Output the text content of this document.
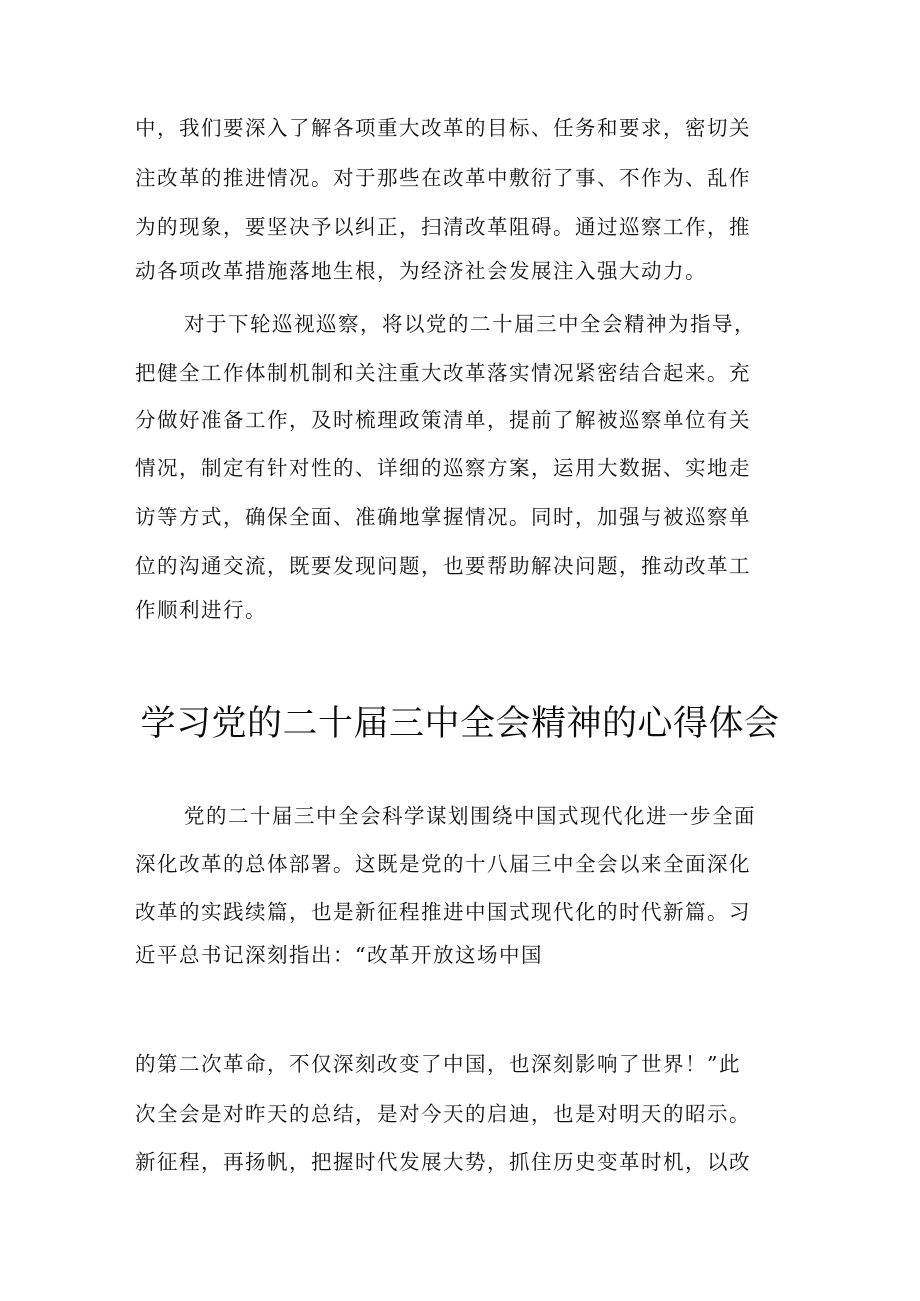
中，我们要深入了解各项重大改革的目标、任务和要求，密切关
注改革的推进情况。对于那些在改革中敷衍了事、不作为、乱作
为的现象，要坚决予以纠正，扫清改革阻碍。通过巡察工作，推
动各项改革措施落地生根，为经济社会发展注入强大动力。
对于下轮巡视巡察，将以党的二十届三中全会精神为指导，
把健全工作体制机制和关注重大改革落实情况紧密结合起来。充
分做好准备工作，及时梳理政策清单，提前了解被巡察单位有关
情况，制定有针对性的、详细的巡察方案，运用大数据、实地走
访等方式，确保全面、准确地掌握情况。同时，加强与被巡察单
位的沟通交流，既要发现问题，也要帮助解决问题，推动改革工
作顺利进行。
学习党的二十届三中全会精神的心得体会
党的二十届三中全会科学谋划围绕中国式现代化进一步全面
深化改革的总体部署。这既是党的十八届三中全会以来全面深化
改革的实践续篇，也是新征程推进中国式现代化的时代新篇。习
近平总书记深刻指出：“改革开放这场中国
的第二次革命，不仅深刻改变了中国，也深刻影响了世界！”此
次全会是对昨天的总结，是对今天的启迪，也是对明天的昭示。
新征程，再扬帆，把握时代发展大势，抓住历史变革时机，以改
